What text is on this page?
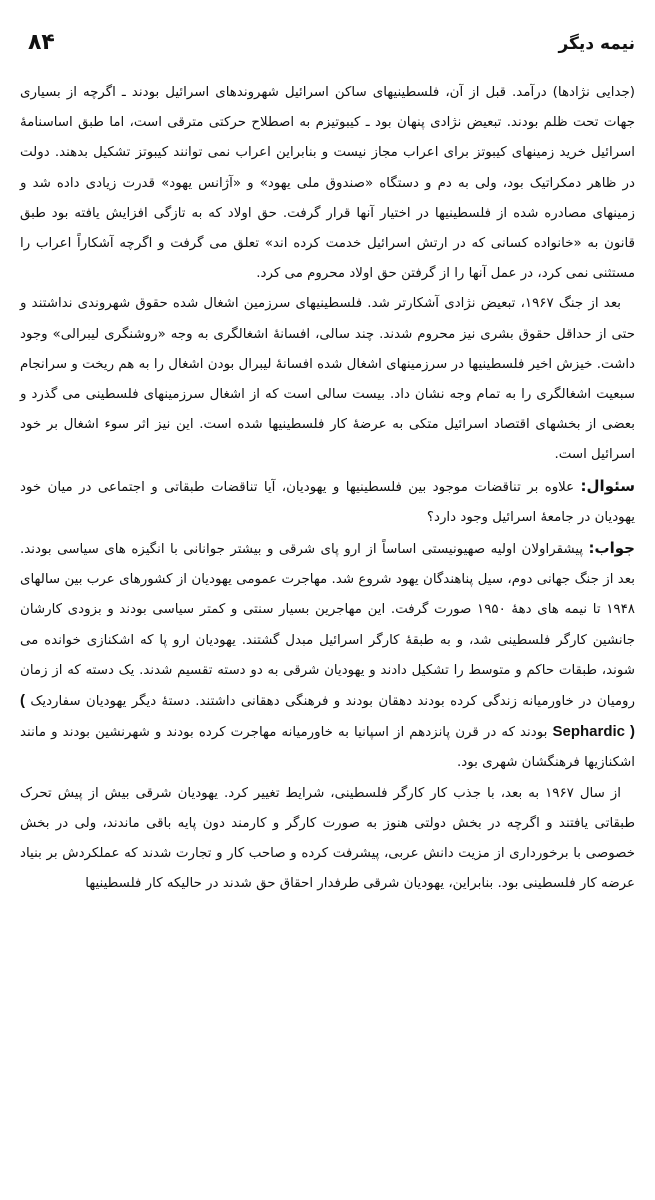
۸۴	نیمه دیگر

(جدایی نژادها) درآمد. قبل از آن، فلسطینیهای ساکن اسرائیل شهروندهای اسرائیل بودند ـ اگرچه از بسیاری جهات تحت ظلم بودند. تبعیض نژادی پنهان بود ـ کیبوتیزم به اصطلاح حرکتی مترقی است، اما طبق اساسنامهٔ اسرائیل خرید زمینهای کیبوتز برای اعراب مجاز نیست و بنابراین اعراب نمی توانند کیبوتز تشکیل بدهند. دولت در ظاهر دمکراتیک بود، ولی به دم و دستگاه «صندوق ملی یهود» و «آژانس یهود» قدرت زیادی داده شد و زمینهای مصادره شده از فلسطینیها در اختیار آنها قرار گرفت. حق اولاد که به تازگی افزایش یافته بود طبق قانون به «خانواده کسانی که در ارتش اسرائیل خدمت کرده اند» تعلق می گرفت و اگرچه آشکاراً اعراب را مستثنی نمی کرد، در عمل آنها را از گرفتن حق اولاد محروم می کرد.

بعد از جنگ ۱۹۶۷، تبعیض نژادی آشکارتر شد. فلسطینیهای سرزمین اشغال شده حقوق شهروندی نداشتند و حتی از حداقل حقوق بشری نیز محروم شدند. چند سالی، افسانهٔ اشغالگری به وجه «روشنگری لیبرالی» وجود داشت. خیزش اخیر فلسطینیها در سرزمینهای اشغال شده افسانهٔ لیبرال بودن اشغال را به هم ریخت و سرانجام سبعیت اشغالگری را به تمام وجه نشان داد. بیست سالی است که از اشغال سرزمینهای فلسطینی می گذرد و بعضی از بخشهای اقتصاد اسرائیل متکی به عرضهٔ کار فلسطینیها شده است. این نیز اثر سوء اشغال بر خود اسرائیل است.

سئوال: علاوه بر تناقضات موجود بین فلسطینیها و یهودیان، آیا تناقضات طبقاتی و اجتماعی در میان خود یهودیان در جامعهٔ اسرائیل وجود دارد؟

جواب: پیشقراولان اولیه صهیونیستی اساساً از ارو پای شرقی و بیشتر جوانانی با انگیزه های سیاسی بودند. بعد از جنگ جهانی دوم، سیل پناهندگان یهود شروع شد. مهاجرت عمومی یهودیان از کشورهای عرب بین سالهای ۱۹۴۸ تا نیمه های دههٔ ۱۹۵۰ صورت گرفت. این مهاجرین بسیار سنتی و کمتر سیاسی بودند و بزودی کارشان جانشین کارگر فلسطینی شد، و به طبقهٔ کارگر اسرائیل مبدل گشتند. یهودیان ارو پا که اشکنازی خوانده می شوند، طبقات حاکم و متوسط را تشکیل دادند و یهودیان شرقی به دو دسته تقسیم شدند. یک دسته که از زمان رومیان در خاورمیانه زندگی کرده بودند دهقان بودند و فرهنگی دهقانی داشتند. دستهٔ دیگر یهودیان سفاردیک ( Sephardic ) بودند که در قرن پانزدهم از اسپانیا به خاورمیانه مهاجرت کرده بودند و شهرنشین بودند و مانند اشکنازیها فرهنگشان شهری بود.

از سال ۱۹۶۷ به بعد، با جذب کار کارگر فلسطینی، شرایط تغییر کرد. یهودیان شرقی بیش از پیش تحرک طبقاتی یافتند و اگرچه در بخش دولتی هنوز به صورت کارگر و کارمند دون پایه باقی ماندند، ولی در بخش خصوصی با برخورداری از مزیت دانش عربی، پیشرفت کرده و صاحب کار و تجارت شدند که عملکردش بر بنیاد عرضه کار فلسطینی بود. بنابراین، یهودیان شرقی طرفدار احقاق حق شدند در حالیکه کار فلسطینیها
